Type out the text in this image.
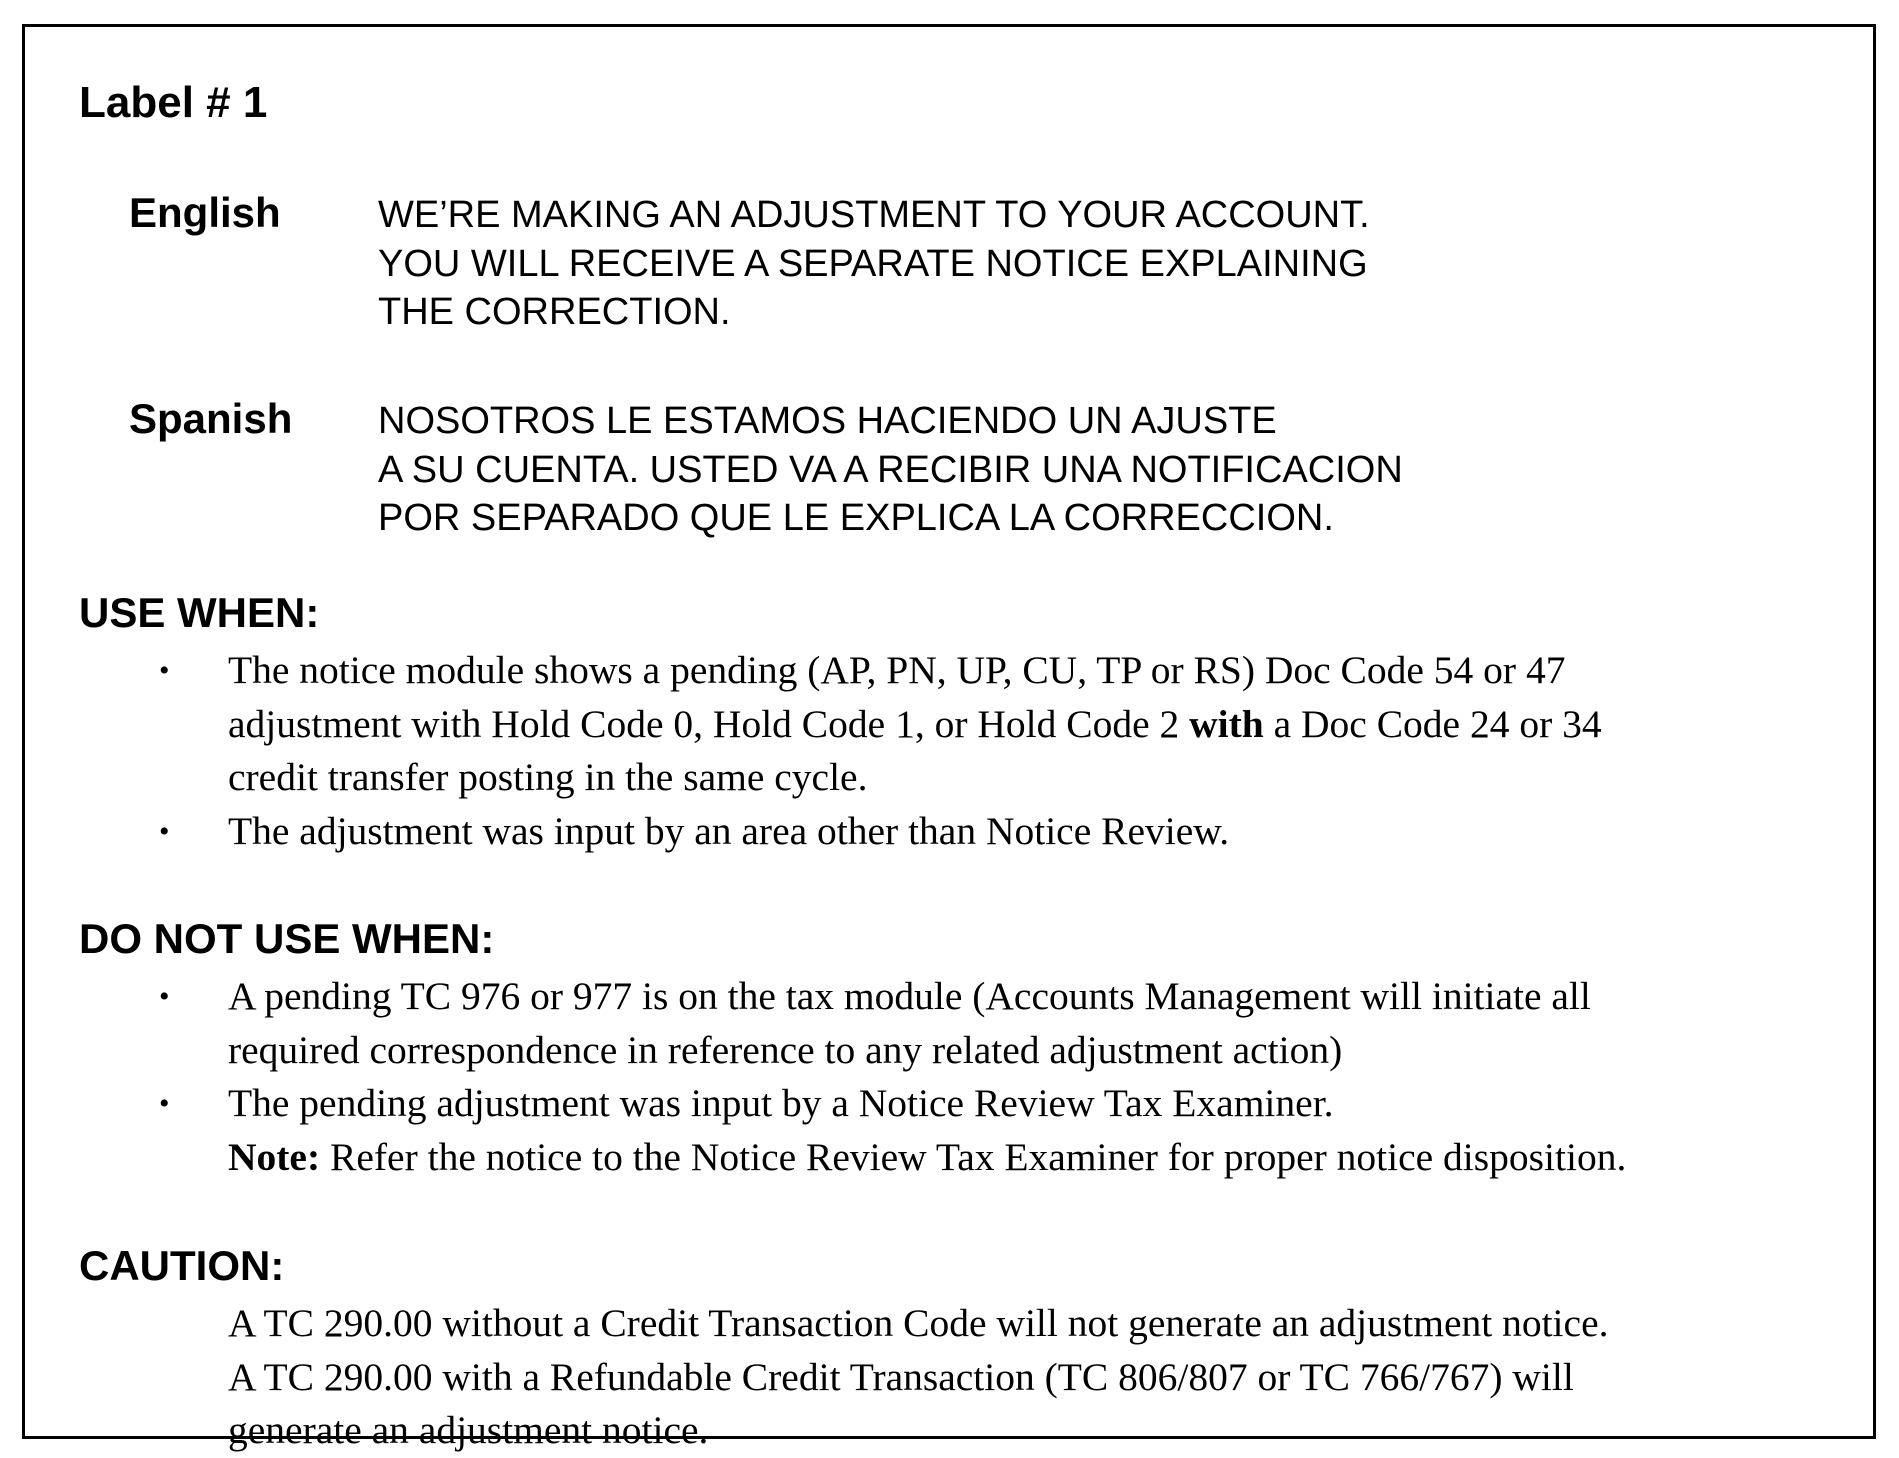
Label # 1
English	WE’RE MAKING AN ADJUSTMENT TO YOUR ACCOUNT.
YOU WILL RECEIVE A SEPARATE NOTICE EXPLAINING
THE CORRECTION.
Spanish NOSOTROS LE ESTAMOS HACIENDO UN AJUSTE
A SU CUENTA. USTED VA A RECIBIR UNA NOTIFICACION
POR SEPARADO QUE LE EXPLICA LA CORRECCION.
USE WHEN:
• The notice module shows a pending (AP, PN, UP, CU, TP or RS) Doc Code 54 or 47
adjustment with Hold Code 0, Hold Code 1, or Hold Code 2 with a Doc Code 24 or 34
credit transfer posting in the same cycle.
• The adjustment was input by an area other than Notice Review.
DO NOT USE WHEN:
• A pending TC 976 or 977 is on the tax module (Accounts Management will initiate all
required correspondence in reference to any related adjustment action)
• The pending adjustment was input by a Notice Review Tax Examiner.
Note: Refer the notice to the Notice Review Tax Examiner for proper notice disposition.
CAUTION:
A TC 290.00 without a Credit Transaction Code will not generate an adjustment notice.
A TC 290.00 with a Refundable Credit Transaction (TC 806/807 or TC 766/767) will
generate an adjustment notice.
